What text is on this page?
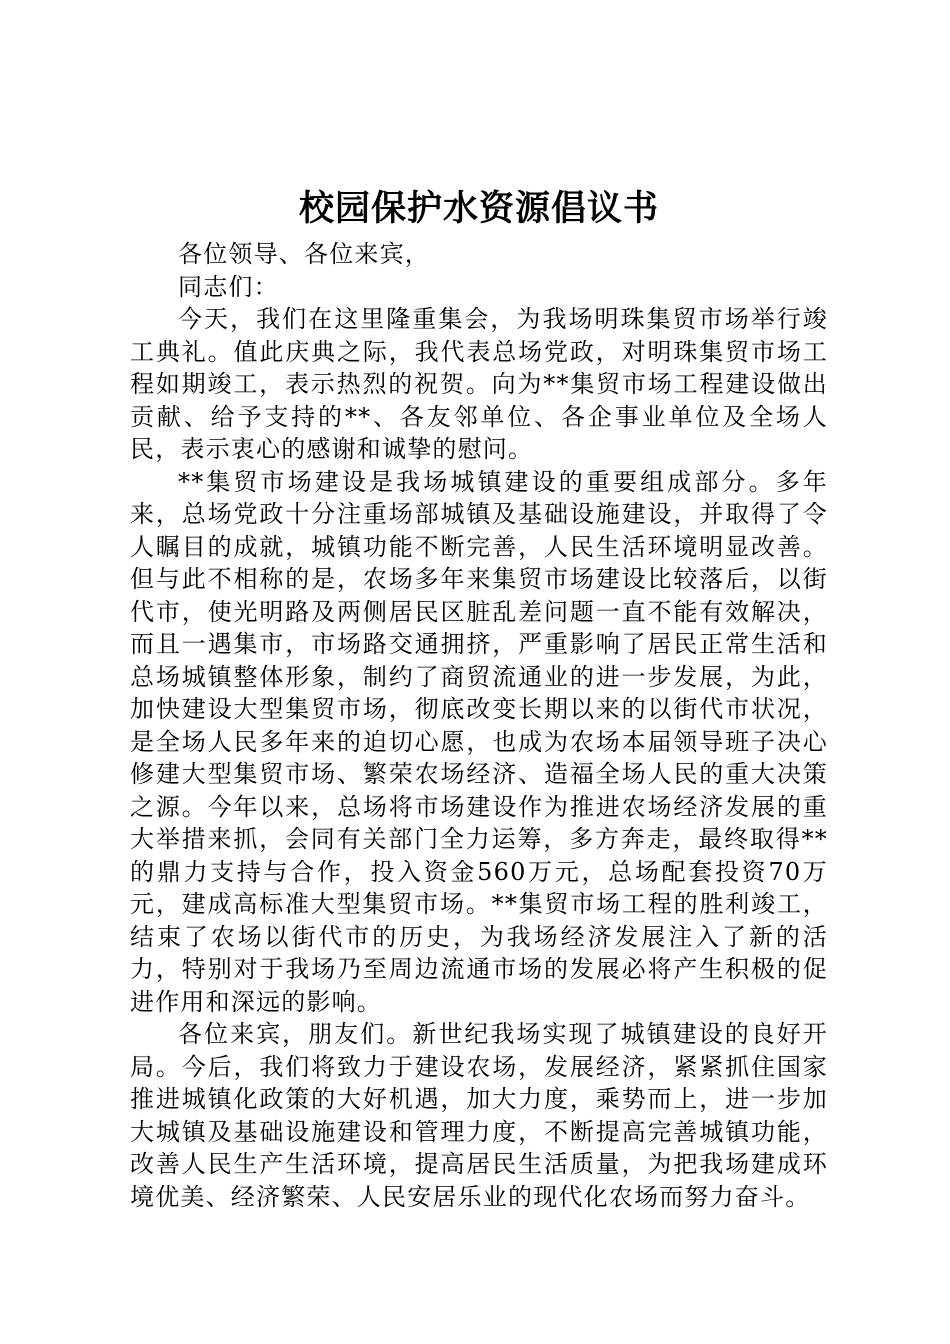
校园保护水资源倡议书

各位领导、各位来宾，

同志们：

今天，我们在这里隆重集会，为我场明珠集贸市场举行竣工典礼。值此庆典之际，我代表总场党政，对明珠集贸市场工程如期竣工，表示热烈的祝贺。向为**集贸市场工程建设做出贡献、给予支持的**、各友邻单位、各企事业单位及全场人民，表示衷心的感谢和诚挚的慰问。

**集贸市场建设是我场城镇建设的重要组成部分。多年来，总场党政十分注重场部城镇及基础设施建设，并取得了令人瞩目的成就，城镇功能不断完善，人民生活环境明显改善。但与此不相称的是，农场多年来集贸市场建设比较落后，以街代市，使光明路及两侧居民区脏乱差问题一直不能有效解决，而且一遇集市，市场路交通拥挤，严重影响了居民正常生活和总场城镇整体形象，制约了商贸流通业的进一步发展，为此，加快建设大型集贸市场，彻底改变长期以来的以街代市状况，是全场人民多年来的迫切心愿，也成为农场本届领导班子决心修建大型集贸市场、繁荣农场经济、造福全场人民的重大决策之源。今年以来，总场将市场建设作为推进农场经济发展的重大举措来抓，会同有关部门全力运筹，多方奔走，最终取得**的鼎力支持与合作，投入资金560万元，总场配套投资70万元，建成高标准大型集贸市场。**集贸市场工程的胜利竣工，结束了农场以街代市的历史，为我场经济发展注入了新的活力，特别对于我场乃至周边流通市场的发展必将产生积极的促进作用和深远的影响。

各位来宾，朋友们。新世纪我场实现了城镇建设的良好开局。今后，我们将致力于建设农场，发展经济，紧紧抓住国家推进城镇化政策的大好机遇，加大力度，乘势而上，进一步加大城镇及基础设施建设和管理力度，不断提高完善城镇功能，改善人民生产生活环境，提高居民生活质量，为把我场建成环境优美、经济繁荣、人民安居乐业的现代化农场而努力奋斗。
